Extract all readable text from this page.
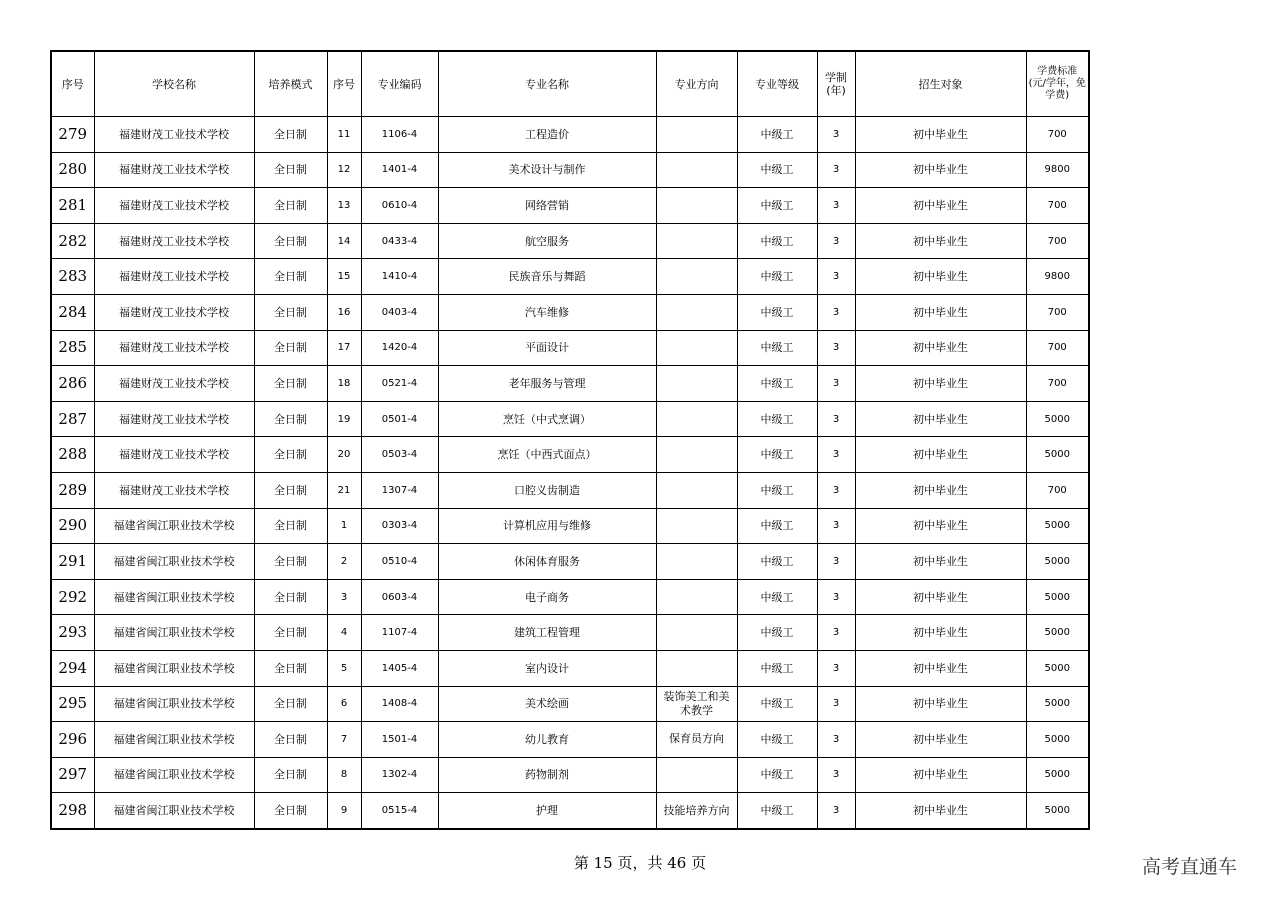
序号	学校名称	培养模式	序号	专业编码	专业名称	专业方向	专业等级	学制 (年)	招生对象	学费标准 (元/学年，免学费)
279	福建财茂工业技术学校	全日制	11	1106-4	工程造价		中级工	3	初中毕业生	700
280	福建财茂工业技术学校	全日制	12	1401-4	美术设计与制作		中级工	3	初中毕业生	9800
281	福建财茂工业技术学校	全日制	13	0610-4	网络营销		中级工	3	初中毕业生	700
282	福建财茂工业技术学校	全日制	14	0433-4	航空服务		中级工	3	初中毕业生	700
283	福建财茂工业技术学校	全日制	15	1410-4	民族音乐与舞蹈		中级工	3	初中毕业生	9800
284	福建财茂工业技术学校	全日制	16	0403-4	汽车维修		中级工	3	初中毕业生	700
285	福建财茂工业技术学校	全日制	17	1420-4	平面设计		中级工	3	初中毕业生	700
286	福建财茂工业技术学校	全日制	18	0521-4	老年服务与管理		中级工	3	初中毕业生	700
287	福建财茂工业技术学校	全日制	19	0501-4	烹饪（中式烹调）		中级工	3	初中毕业生	5000
288	福建财茂工业技术学校	全日制	20	0503-4	烹饪（中西式面点）		中级工	3	初中毕业生	5000
289	福建财茂工业技术学校	全日制	21	1307-4	口腔义齿制造		中级工	3	初中毕业生	700
290	福建省闽江职业技术学校	全日制	1	0303-4	计算机应用与维修		中级工	3	初中毕业生	5000
291	福建省闽江职业技术学校	全日制	2	0510-4	休闲体育服务		中级工	3	初中毕业生	5000
292	福建省闽江职业技术学校	全日制	3	0603-4	电子商务		中级工	3	初中毕业生	5000
293	福建省闽江职业技术学校	全日制	4	1107-4	建筑工程管理		中级工	3	初中毕业生	5000
294	福建省闽江职业技术学校	全日制	5	1405-4	室内设计		中级工	3	初中毕业生	5000
295	福建省闽江职业技术学校	全日制	6	1408-4	美术绘画	装饰美工和美术教学	中级工	3	初中毕业生	5000
296	福建省闽江职业技术学校	全日制	7	1501-4	幼儿教育	保育员方向	中级工	3	初中毕业生	5000
297	福建省闽江职业技术学校	全日制	8	1302-4	药物制剂		中级工	3	初中毕业生	5000
298	福建省闽江职业技术学校	全日制	9	0515-4	护理	技能培养方向	中级工	3	初中毕业生	5000
第 15 页，共 46 页	高考直通车
